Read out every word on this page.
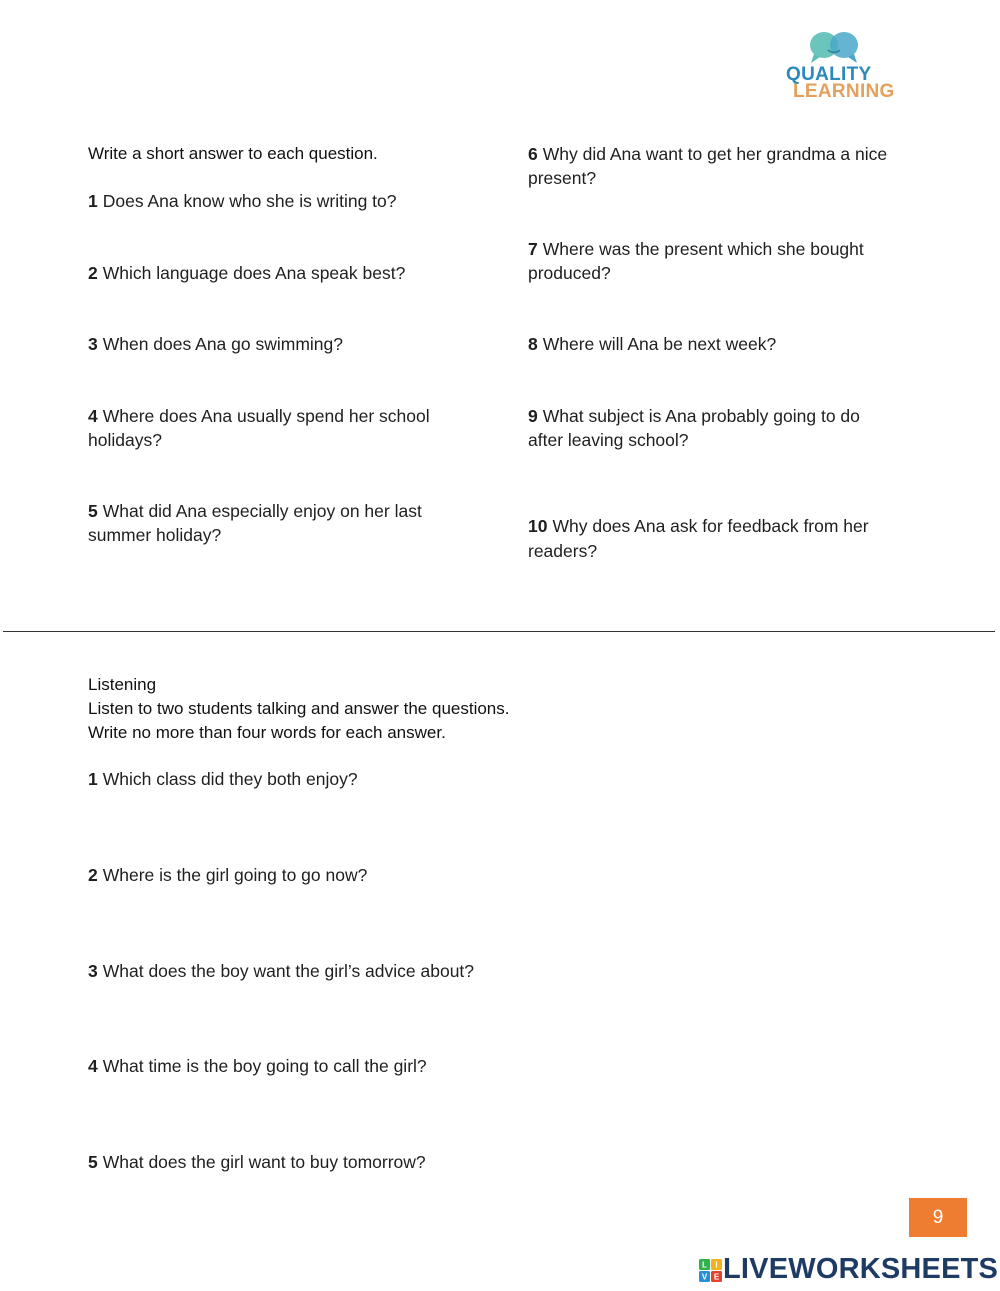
QUALITY
LEARNING
Write a short answer to each question.
1 Does Ana know who she is writing to?
2 Which language does Ana speak best?
3 When does Ana go swimming?
4 Where does Ana usually spend her school holidays?
5 What did Ana especially enjoy on her last summer holiday?
6 Why did Ana want to get her grandma a nice present?
7 Where was the present which she bought produced?
8 Where will Ana be next week?
9 What subject is Ana probably going to do after leaving school?
10 Why does Ana ask for feedback from her readers?
Listening
Listen to two students talking and answer the questions.
Write no more than four words for each answer.
1 Which class did they both enjoy?
2 Where is the girl going to go now?
3 What does the boy want the girl’s advice about?
4 What time is the boy going to call the girl?
5 What does the girl want to buy tomorrow?
9
L I
V E LIVEWORKSHEETS
